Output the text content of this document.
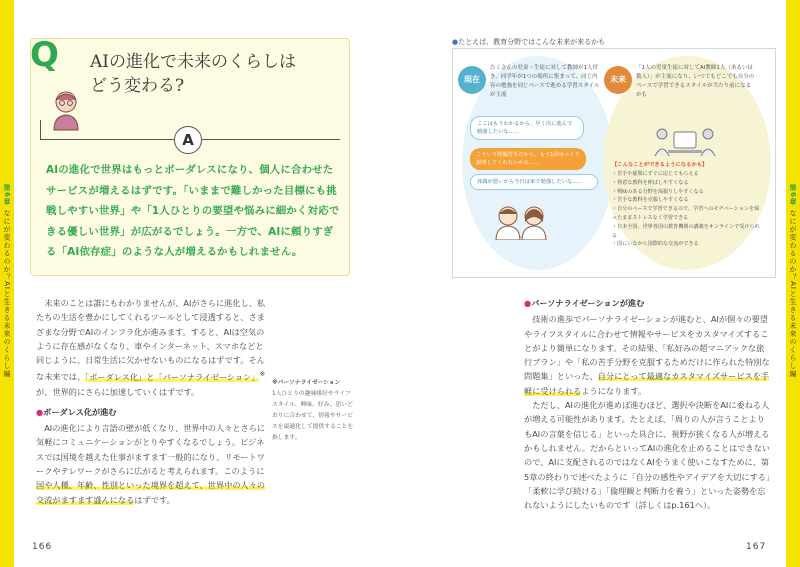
第6章 なにが変わるのか？AIと生きる未来のくらし編
第6章 なにが変わるのか？AIと生きる未来のくらし編
Q AIの進化で未来のくらしは
どう変わる?
A
AIの進化で世界はもっとボーダレスになり、個人に合わせたサービスが増えるはずです。「いままで難しかった目標にも挑戦しやすい世界」や「1人ひとりの要望や悩みに細かく対応できる優しい世界」が広がるでしょう。一方で、AIに頼りすぎる「AI依存症」のような人が増えるかもしれません。

未来のことは誰にもわかりませんが、AIがさらに進化し、私たちの生活を豊かにしてくれるツールとして浸透すると、さまざまな分野でAIのインフラ化が進みます。すると、AIは空気のように存在感がなくなり、車やインターネット、スマホなどと同じように、日常生活に欠かせないものになるはずです。そんな未来では、「ボーダレス化」と「パーソナライゼーション」※が、世界的にさらに加速していくはずです。

●ボーダレス化が進む

AIの進化により言語の壁が低くなり、世界中の人々とさらに気軽にコミュニケーションがとりやすくなるでしょう。ビジネスでは国境を越えた仕事がますます一般的になり、リモートワークやテレワークがさらに広がると考えられます。このように国や人種、年齢、性別といった境界を超えて、世界中の人々の交流がますます盛んになるはずです。

※パーソナライゼーション
1人ひとりの趣味嗜好やライフスタイル、興味、好み、思いどおりに合わせて、情報やサービスを最適化して提供することを指します。
166
●たとえば、教育分野ではこんな未来が来るかも
現在	未来
たくさんの児童・生徒に対して教師が1人付き、同学年が1つの場所に集まって、同じ内容の勉強を同じペースで進める学習スタイルが主流
「1人の児童生徒に対してAI教師1人（あるいは数人）」が主流になり、いつでもどこでも自分のペースで学習できるスタイルが当たり前になるかも
ここはもうわかるから、早く次に進んで勉強したいな……
こういう問題苦手だから、もう1回ゆっくり説明してくれないかな……
体調が悪いから今日は家で勉強したいな……
【こんなことができるようになるかも】
・苦手や疑問にすぐに応じてもらえる
・得意な教科を伸ばしやすくなる
・興味のある分野を深掘りしやすくなる
・苦手な教科を克服しやすくなる
・自分のペースで学習できるので、学習へのモチベーションを保ったままストレスなく学習できる
・日本全国、世界各国の教育機関の講義をオンラインで受けられる
・国にいながら国際的な交流ができる

●パーソナライゼーションが進む

技術の進歩でパーソナライゼーションが進むと、AIが個々の要望やライフスタイルに合わせて情報やサービスをカスタマイズすることがより簡単になります。その結果、「私好みの超マニアックな旅行プラン」や「私の苦手分野を克服するためだけに作られた特別な問題集」といった、自分にとって最適なカスタマイズサービスを手軽に受けられるようになります。

ただし、AIの進化が進めば進むほど、選択や決断をAIに委ねる人が増える可能性があります。たとえば、「周りの人が言うことよりもAIの言葉を信じる」といった具合に、視野が狭くなる人が増えるかもしれません。だからといってAIの進化を止めることはできないので、AIに支配されるのではなくAIをうまく使いこなすために、第5章の終わりで述べたように「自分の感性やアイデアを大切にする」「柔軟に学び続ける」「倫理観と判断力を養う」といった姿勢を忘れないようにしたいものです（詳しくはp.161へ）。

167
